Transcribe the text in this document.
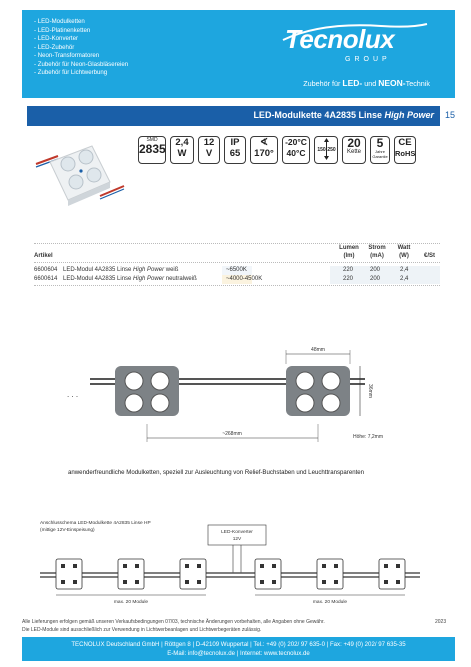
- LED-Modulketten
- LED-Platinenketten
- LED-Konverter
- LED-Zubehör
- Neon-Transformatoren
- Zubehör für Neon-Glasbläsereien
- Zubehör für Lichtwerbung
Tecnolux
GROUP
Zubehör für LED- und NEON-Technik
LED-Modulkette 4A2835 Linse High Power 15
SMD
2835	2,4
W
12
V
IP
65
∢
170°
-20°C
40°C	150-250	20
Kette
5
Jahre
Garantie
CE
RoHS
Artikel
Lumen
(lm)
Strom
(mA)
Watt
(W)	€/St
6600604 LED-Modul 4A2835 Linse High Power weiß	~6500K	220	200	2,4
6600614 LED-Modul 4A2835 Linse High Power neutralweiß	~4000-4500K	220	200	2,4
48mm
36mm
~268mm	Höhe: 7,2mm
. . .
anwenderfreundliche Modulketten, speziell zur Ausleuchtung von Relief-Buchstaben und Leuchttransparenten
Anschlusschema LED-Modulkette 4A2835 Linse HP
(mittige 12V-Einspeisung)	LED-Konverter
12V
max. 20 Module	max. 20 Module
Alle Lieferungen erfolgen gemäß unseren Verkaufsbedingungen 07/03, technische Änderungen vorbehalten, alle Angaben ohne Gewähr.
Die LED-Module sind ausschließlich zur Verwendung in Lichtwerbeanlagen und Lichtwerbegeräten zulässig.
2023
TECNOLUX Deutschland GmbH | Röttgen 8 | D-42109 Wuppertal | Tel.: +49 (0) 202/ 97 635-0 | Fax: +49 (0) 202/ 97 635-35
E-Mail: info@tecnolux.de | Internet: www.tecnolux.de
